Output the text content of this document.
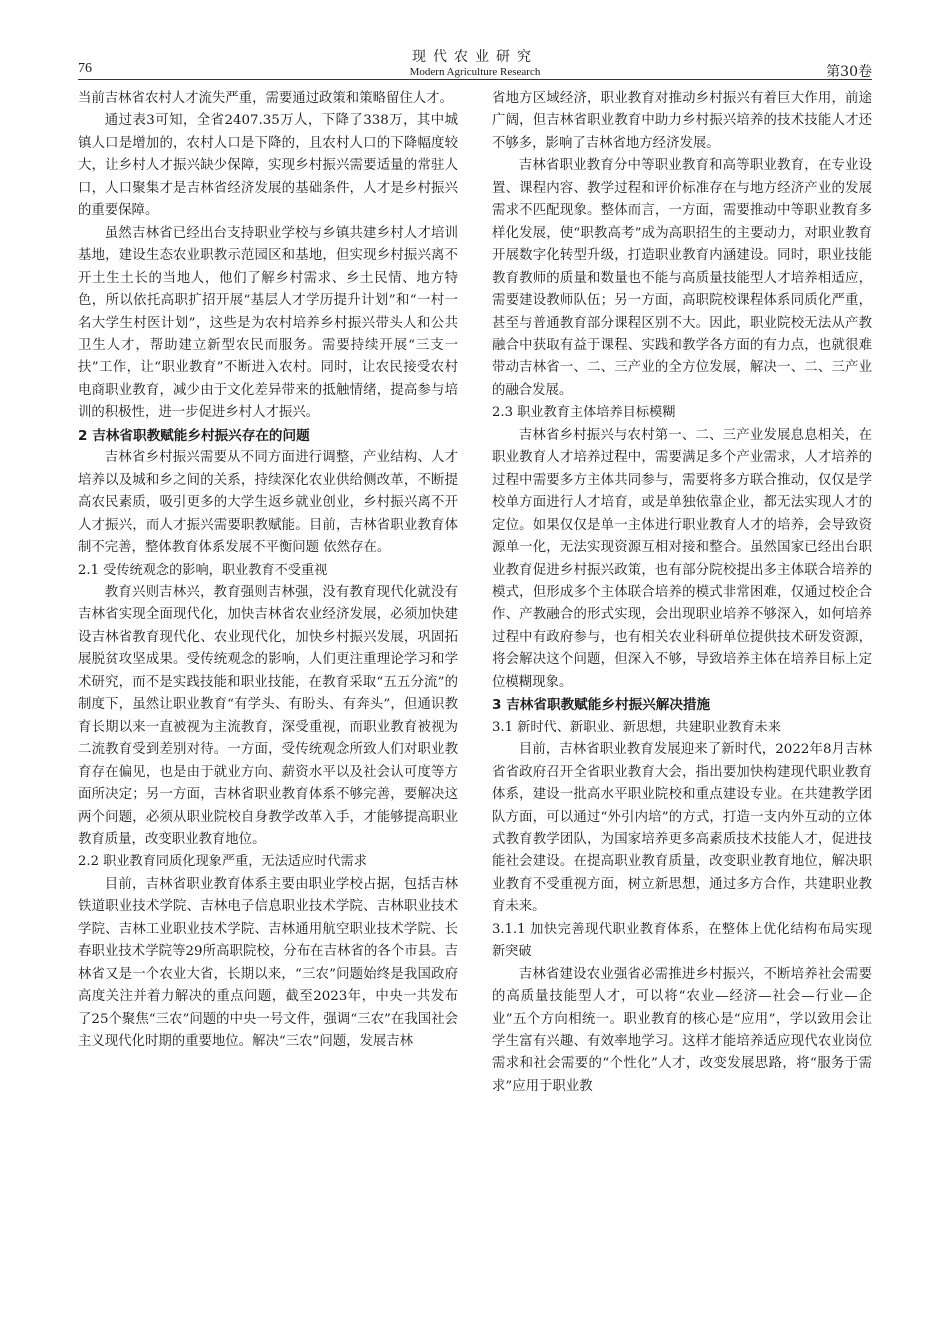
76
现代农业研究
Modern Agriculture Research	第30卷

当前吉林省农村人才流失严重，需要通过政策和策略留住人才。

通过表3可知，全省2407.35万人，下降了338万，其中城镇人口是增加的，农村人口是下降的，且农村人口的下降幅度较大，让乡村人才振兴缺少保障，实现乡村振兴需要适量的常驻人口，人口聚集才是吉林省经济发展的基础条件，人才是乡村振兴的重要保障。

虽然吉林省已经出台支持职业学校与乡镇共建乡村人才培训基地，建设生态农业职教示范园区和基地，但实现乡村振兴离不开土生土长的当地人，他们了解乡村需求、乡土民情、地方特色，所以依托高职扩招开展“基层人才学历提升计划”和“一村一名大学生村医计划”，这些是为农村培养乡村振兴带头人和公共卫生人才，帮助建立新型农民而服务。需要持续开展“三支一扶”工作，让“职业教育”不断进入农村。同时，让农民接受农村电商职业教育，减少由于文化差异带来的抵触情绪，提高参与培训的积极性，进一步促进乡村人才振兴。

2 吉林省职教赋能乡村振兴存在的问题

吉林省乡村振兴需要从不同方面进行调整，产业结构、人才培养以及城和乡之间的关系，持续深化农业供给侧改革，不断提高农民素质，吸引更多的大学生返乡就业创业，乡村振兴离不开人才振兴，而人才振兴需要职教赋能。目前，吉林省职业教育体制不完善，整体教育体系发展不平衡问题 依然存在。

2.1 受传统观念的影响，职业教育不受重视

教育兴则吉林兴，教育强则吉林强，没有教育现代化就没有吉林省实现全面现代化，加快吉林省农业经济发展，必须加快建设吉林省教育现代化、农业现代化，加快乡村振兴发展，巩固拓展脱贫攻坚成果。受传统观念的影响，人们更注重理论学习和学术研究，而不是实践技能和职业技能，在教育采取“五五分流”的制度下，虽然让职业教育“有学头、有盼头、有奔头”，但通识教育长期以来一直被视为主流教育，深受重视，而职业教育被视为二流教育受到差别对待。一方面，受传统观念所致人们对职业教育存在偏见，也是由于就业方向、薪资水平以及社会认可度等方面所决定；另一方面，吉林省职业教育体系不够完善，要解决这两个问题，必须从职业院校自身教学改革入手，才能够提高职业教育质量，改变职业教育地位。

2.2 职业教育同质化现象严重，无法适应时代需求

目前，吉林省职业教育体系主要由职业学校占据，包括吉林铁道职业技术学院、吉林电子信息职业技术学院、吉林职业技术学院、吉林工业职业技术学院、吉林通用航空职业技术学院、长春职业技术学院等29所高职院校，分布在吉林省的各个市县。吉林省又是一个农业大省，长期以来，“三农”问题始终是我国政府高度关注并着力解决的重点问题，截至2023年，中央一共发布了25个聚焦“三农”问题的中央一号文件，强调“三农”在我国社会主义现代化时期的重要地位。解决“三农”问题，发展吉林

省地方区域经济，职业教育对推动乡村振兴有着巨大作用，前途广阔，但吉林省职业教育中助力乡村振兴培养的技术技能人才还不够多，影响了吉林省地方经济发展。

吉林省职业教育分中等职业教育和高等职业教育，在专业设置、课程内容、教学过程和评价标准存在与地方经济产业的发展需求不匹配现象。整体而言，一方面，需要推动中等职业教育多样化发展，使“职教高考”成为高职招生的主要动力，对职业教育开展数字化转型升级，打造职业教育内涵建设。同时，职业技能教育教师的质量和数量也不能与高质量技能型人才培养相适应，需要建设教师队伍；另一方面，高职院校课程体系同质化严重，甚至与普通教育部分课程区别不大。因此，职业院校无法从产教融合中获取有益于课程、实践和教学各方面的有力点，也就很难带动吉林省一、二、三产业的全方位发展，解决一、二、三产业的融合发展。

2.3 职业教育主体培养目标模糊

吉林省乡村振兴与农村第一、二、三产业发展息息相关，在职业教育人才培养过程中，需要满足多个产业需求，人才培养的过程中需要多方主体共同参与，需要将多方联合推动，仅仅是学校单方面进行人才培育，或是单独依靠企业，都无法实现人才的定位。如果仅仅是单一主体进行职业教育人才的培养，会导致资源单一化，无法实现资源互相对接和整合。虽然国家已经出台职业教育促进乡村振兴政策，也有部分院校提出多主体联合培养的模式，但形成多个主体联合培养的模式非常困难，仅通过校企合作、产教融合的形式实现，会出现职业培养不够深入，如何培养过程中有政府参与，也有相关农业科研单位提供技术研发资源，将会解决这个问题，但深入不够，导致培养主体在培养目标上定位模糊现象。

3 吉林省职教赋能乡村振兴解决措施
3.1 新时代、新职业、新思想，共建职业教育未来

目前，吉林省职业教育发展迎来了新时代，2022年8月吉林省省政府召开全省职业教育大会，指出要加快构建现代职业教育体系，建设一批高水平职业院校和重点建设专业。在共建教学团队方面，可以通过“外引内培”的方式，打造一支内外互动的立体式教育教学团队，为国家培养更多高素质技术技能人才，促进技能社会建设。在提高职业教育质量，改变职业教育地位，解决职业教育不受重视方面，树立新思想，通过多方合作，共建职业教育未来。

3.1.1 加快完善现代职业教育体系，在整体上优化结构布局实现新突破

吉林省建设农业强省必需推进乡村振兴，不断培养社会需要的高质量技能型人才，可以将“农业—经济—社会—行业—企业”五个方向相统一。职业教育的核心是“应用”，学以致用会让学生富有兴趣、有效率地学习。这样才能培养适应现代农业岗位需求和社会需要的“个性化”人才，改变发展思路，将“服务于需求”应用于职业教
